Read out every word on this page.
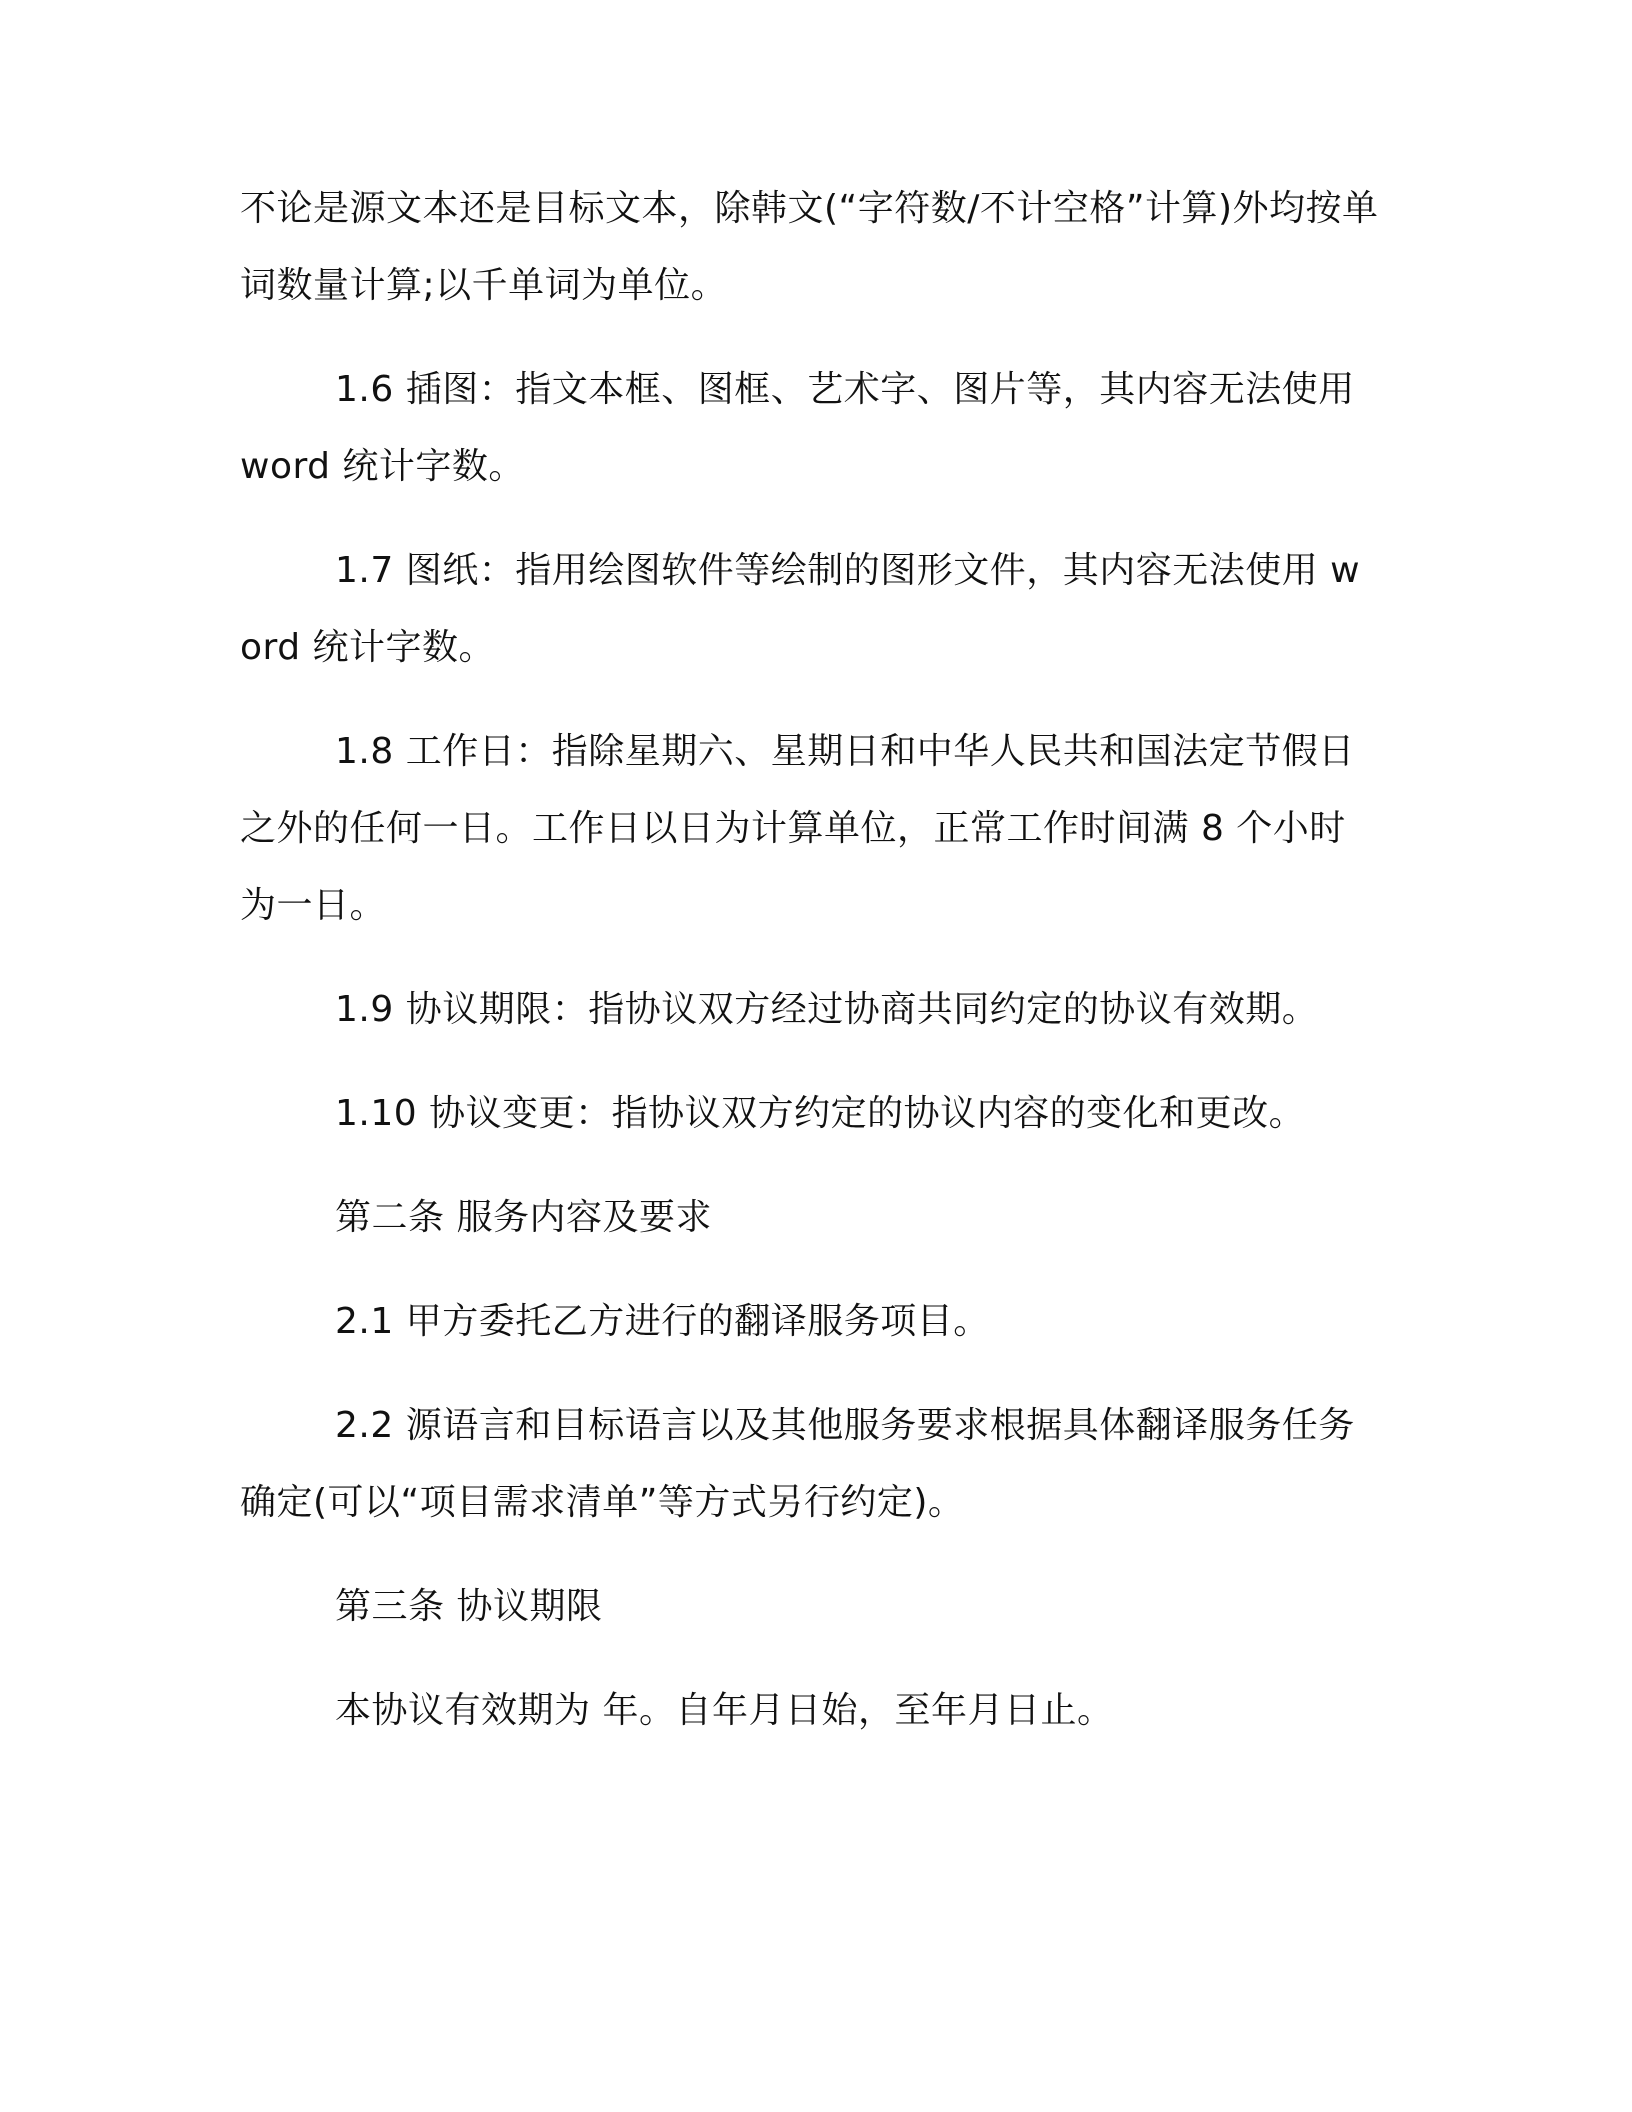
不论是源文本还是目标文本，除韩文(“字符数/不计空格”计算)外均按单词数量计算;以千单词为单位。

1.6 插图：指文本框、图框、艺术字、图片等，其内容无法使用 word 统计字数。

1.7 图纸：指用绘图软件等绘制的图形文件，其内容无法使用 word 统计字数。

1.8 工作日：指除星期六、星期日和中华人民共和国法定节假日之外的任何一日。工作日以日为计算单位，正常工作时间满 8 个小时为一日。

1.9 协议期限：指协议双方经过协商共同约定的协议有效期。

1.10 协议变更：指协议双方约定的协议内容的变化和更改。

第二条 服务内容及要求

2.1 甲方委托乙方进行的翻译服务项目。

2.2 源语言和目标语言以及其他服务要求根据具体翻译服务任务确定(可以“项目需求清单”等方式另行约定)。

第三条 协议期限

本协议有效期为 年。自年月日始，至年月日止。
